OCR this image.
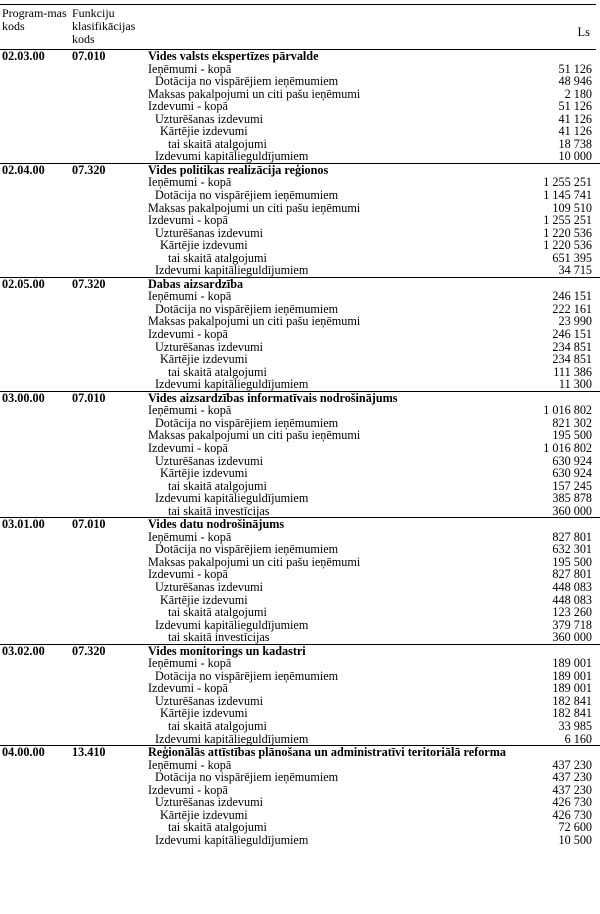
Program-mas kods
Funkciju klasifikācijas kods	Ls
02.03.00 07.010	Vides valsts ekspertīzes pārvalde
Ieņēmumi - kopā	51 126
Dotācija no vispārējiem ieņēmumiem	48 946
Maksas pakalpojumi un citi pašu ieņēmumi	2 180
Izdevumi - kopā	51 126
Uzturēšanas izdevumi	41 126
Kārtējie izdevumi	41 126
tai skaitā atalgojumi	18 738
Izdevumi kapitālieguldījumiem	10 000
02.04.00 07.320	Vides politikas realizācija reģionos
Ieņēmumi - kopā	1 255 251
Dotācija no vispārējiem ieņēmumiem	1 145 741
Maksas pakalpojumi un citi pašu ieņēmumi	109 510
Izdevumi - kopā	1 255 251
Uzturēšanas izdevumi	1 220 536
Kārtējie izdevumi	1 220 536
tai skaitā atalgojumi	651 395
Izdevumi kapitālieguldījumiem	34 715
02.05.00 07.320	Dabas aizsardzība
Ieņēmumi - kopā	246 151
Dotācija no vispārējiem ieņēmumiem	222 161
Maksas pakalpojumi un citi pašu ieņēmumi	23 990
Izdevumi - kopā	246 151
Uzturēšanas izdevumi	234 851
Kārtējie izdevumi	234 851
tai skaitā atalgojumi	111 386
Izdevumi kapitālieguldījumiem	11 300
03.00.00 07.010	Vides aizsardzības informatīvais nodrošinājums
Ieņēmumi - kopā	1 016 802
Dotācija no vispārējiem ieņēmumiem	821 302
Maksas pakalpojumi un citi pašu ieņēmumi	195 500
Izdevumi - kopā	1 016 802
Uzturēšanas izdevumi	630 924
Kārtējie izdevumi	630 924
tai skaitā atalgojumi	157 245
Izdevumi kapitālieguldījumiem	385 878
tai skaitā investīcijas	360 000
03.01.00 07.010	Vides datu nodrošinājums
Ieņēmumi - kopā	827 801
Dotācija no vispārējiem ieņēmumiem	632 301
Maksas pakalpojumi un citi pašu ieņēmumi	195 500
Izdevumi - kopā	827 801
Uzturēšanas izdevumi	448 083
Kārtējie izdevumi	448 083
tai skaitā atalgojumi	123 260
Izdevumi kapitālieguldījumiem	379 718
tai skaitā investīcijas	360 000
03.02.00 07.320	Vides monitorings un kadastri
Ieņēmumi - kopā	189 001
Dotācija no vispārējiem ieņēmumiem	189 001
Izdevumi - kopā	189 001
Uzturēšanas izdevumi	182 841
Kārtējie izdevumi	182 841
tai skaitā atalgojumi	33 985
Izdevumi kapitālieguldījumiem	6 160
04.00.00 13.410	Reģionālās attīstības plānošana un administratīvi teritoriālā reforma
Ieņēmumi - kopā	437 230
Dotācija no vispārējiem ieņēmumiem	437 230
Izdevumi - kopā	437 230
Uzturēšanas izdevumi	426 730
Kārtējie izdevumi	426 730
tai skaitā atalgojumi	72 600
Izdevumi kapitālieguldījumiem	10 500
